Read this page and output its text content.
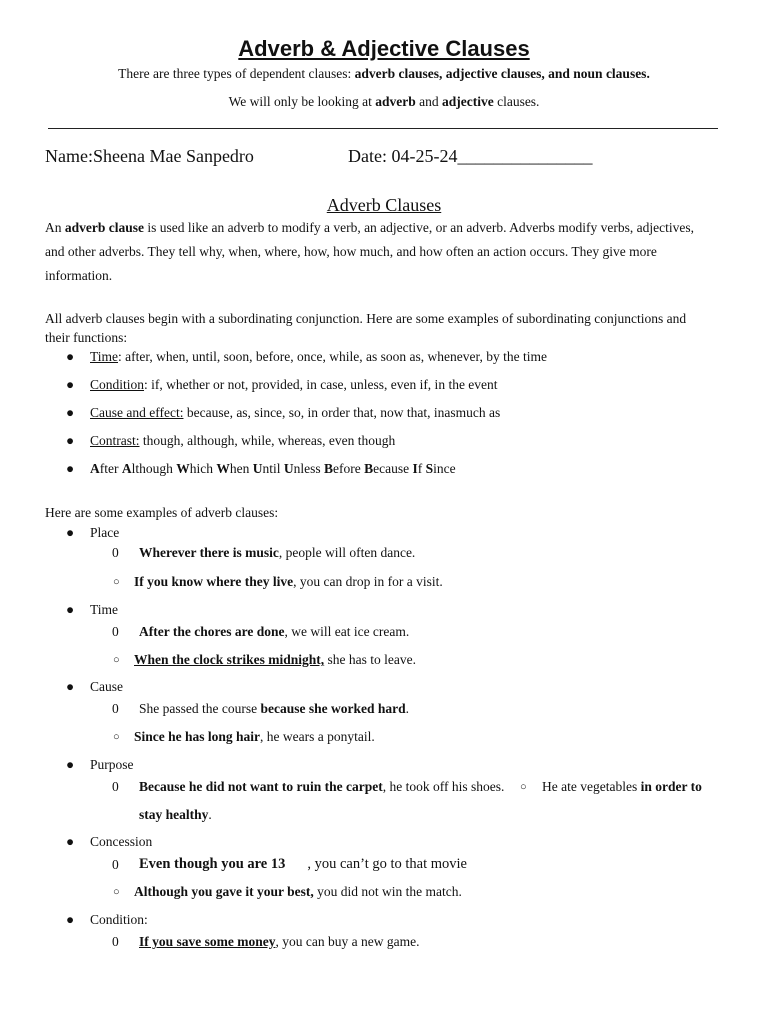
Adverb & Adjective Clauses
There are three types of dependent clauses: adverb clauses, adjective clauses, and noun clauses.
We will only be looking at adverb and adjective clauses.
Name:Sheena Mae Sanpedro	Date: 04-25-24_______________
Adverb Clauses
An adverb clause is used like an adverb to modify a verb, an adjective, or an adverb. Adverbs modify verbs, adjectives,
and other adverbs. They tell why, when, where, how, how much, and how often an action occurs. They give more
information.
All adverb clauses begin with a subordinating conjunction. Here are some examples of subordinating conjunctions and
their functions:
● Time: after, when, until, soon, before, once, while, as soon as, whenever, by the time
● Condition: if, whether or not, provided, in case, unless, even if, in the event
● Cause and effect: because, as, since, so, in order that, now that, inasmuch as
● Contrast: though, although, while, whereas, even though
● After Although Which When Until Unless Before Because If Since
Here are some examples of adverb clauses:
● Place
0 Wherever there is music, people will often dance.
○ If you know where they live, you can drop in for a visit.
● Time
0 After the chores are done, we will eat ice cream.
○ When the clock strikes midnight, she has to leave.
● Cause
0 She passed the course because she worked hard.
○ Since he has long hair, he wears a ponytail.
● Purpose
0 Because he did not want to ruin the carpet, he took off his shoes. ○ He ate vegetables in order to
stay healthy.
● Concession
0 Even though you are 13 , you can’t go to that movie
○ Although you gave it your best, you did not win the match.
● Condition:
0 If you save some money, you can buy a new game.
